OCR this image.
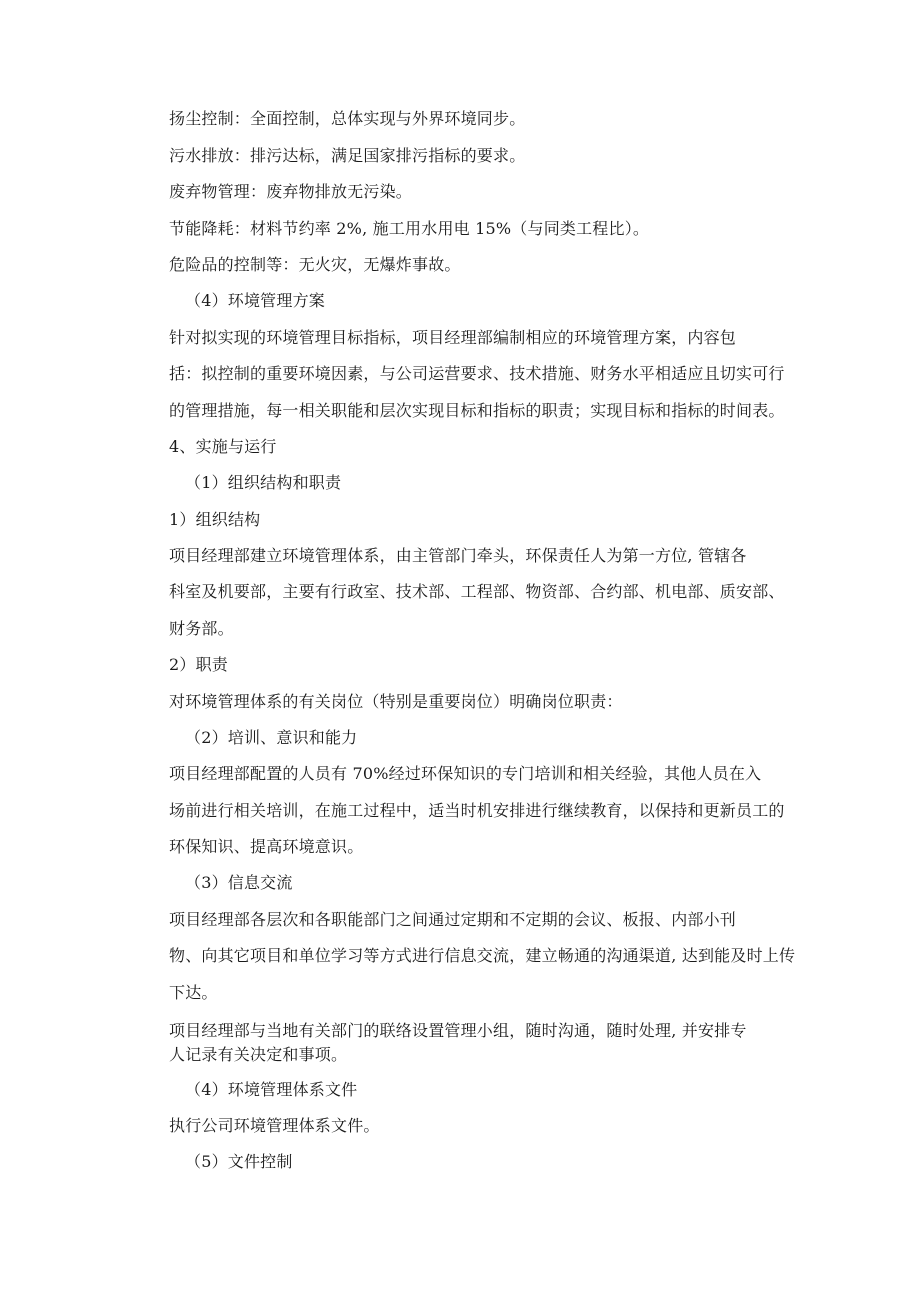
扬尘控制：全面控制，总体实现与外界环境同步。
污水排放：排污达标，满足国家排污指标的要求。
废弃物管理：废弃物排放无污染。
节能降耗：材料节约率 2%, 施工用水用电 15%（与同类工程比）。
危险品的控制等：无火灾，无爆炸事故。
（4）环境管理方案
针对拟实现的环境管理目标指标，项目经理部编制相应的环境管理方案，内容包
括：拟控制的重要环境因素，与公司运营要求、技术措施、财务水平相适应且切实可行
的管理措施，每一相关职能和层次实现目标和指标的职责；实现目标和指标的时间表。
4、实施与运行
（1）组织结构和职责
1）组织结构
项目经理部建立环境管理体系，由主管部门牵头，环保责任人为第一方位, 管辖各
科室及机要部，主要有行政室、技术部、工程部、物资部、合约部、机电部、质安部、
财务部。
2）职责
对环境管理体系的有关岗位（特别是重要岗位）明确岗位职责：
（2）培训、意识和能力
项目经理部配置的人员有 70%经过环保知识的专门培训和相关经验，其他人员在入
场前进行相关培训，在施工过程中，适当时机安排进行继续教育，以保持和更新员工的
环保知识、提高环境意识。
（3）信息交流
项目经理部各层次和各职能部门之间通过定期和不定期的会议、板报、内部小刊
物、向其它项目和单位学习等方式进行信息交流，建立畅通的沟通渠道, 达到能及时上传
下达。
项目经理部与当地有关部门的联络设置管理小组，随时沟通，随时处理, 并安排专
人记录有关决定和事项。
（4）环境管理体系文件
执行公司环境管理体系文件。
（5）文件控制
